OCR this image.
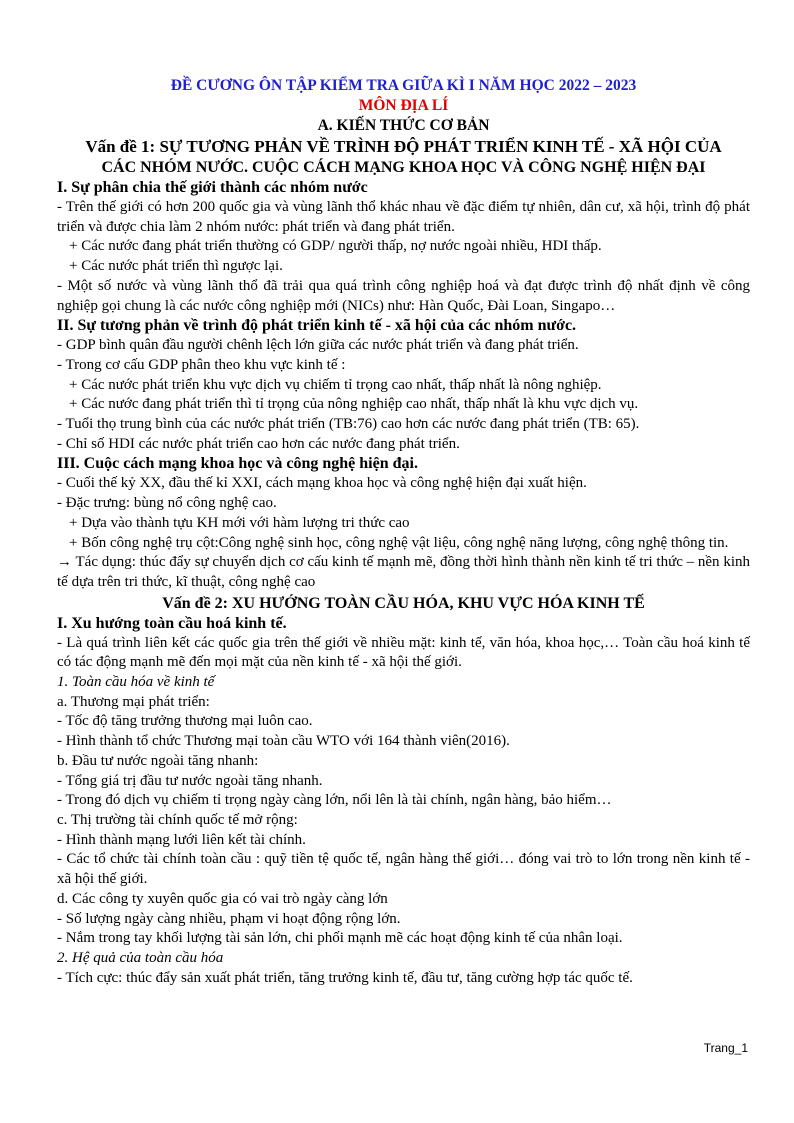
ĐỀ CƯƠNG ÔN TẬP KIỂM TRA GIỮA KÌ I NĂM HỌC 2022 – 2023

MÔN ĐỊA LÍ

A. KIẾN THỨC CƠ BẢN

Vấn đề 1: SỰ TƯƠNG PHẢN VỀ TRÌNH ĐỘ PHÁT TRIỂN KINH TẾ - XÃ HỘI CỦA

CÁC NHÓM NƯỚC. CUỘC CÁCH MẠNG KHOA HỌC VÀ CÔNG NGHỆ HIỆN ĐẠI

I. Sự phân chia thế giới thành các nhóm nước

- Trên thế giới có hơn 200 quốc gia và vùng lãnh thổ khác nhau về đặc điểm tự nhiên, dân cư, xã hội, trình độ phát triển và được chia làm 2 nhóm nước: phát triển và đang phát triển.

+ Các nước đang phát triển thường có GDP/ người thấp, nợ nước ngoài nhiều, HDI thấp.

+ Các nước phát triển thì ngược lại.

- Một số nước và vùng lãnh thổ đã trải qua quá trình công nghiệp hoá và đạt được trình độ nhất định về công nghiệp gọi chung là các nước công nghiệp mới (NICs) như: Hàn Quốc, Đài Loan, Singapo…

II. Sự tương phản về trình độ phát triển kinh tế - xã hội của các nhóm nước.

- GDP bình quân đầu người chênh lệch lớn giữa các nước phát triển và đang phát triển.

- Trong cơ cấu GDP phân theo khu vực kinh tế :

+ Các nước phát triển khu vực dịch vụ chiếm tỉ trọng cao nhất, thấp nhất là nông nghiệp.

+ Các nước đang phát triển thì tỉ trọng của nông nghiệp cao nhất, thấp nhất là khu vực dịch vụ.

- Tuổi thọ trung bình của các nước phát triển (TB:76) cao hơn các nước đang phát triển (TB: 65).

- Chỉ số HDI các nước phát triển cao hơn các nước đang phát triển.

III. Cuộc cách mạng khoa học và công nghệ hiện đại.

- Cuối thế kỷ XX, đầu thế kỉ XXI, cách mạng khoa học và công nghệ hiện đại xuất hiện.

- Đặc trưng: bùng nổ công nghệ cao.

+ Dựa vào thành tựu KH mới với hàm lượng tri thức cao

+ Bốn công nghệ trụ cột:Công nghệ sinh học, công nghệ vật liệu, công nghệ năng lượng, công nghệ thông tin.

→ Tác dụng: thúc đẩy sự chuyển dịch cơ cấu kinh tế mạnh mẽ, đồng thời hình thành nền kinh tế tri thức – nền kinh tế dựa trên tri thức, kĩ thuật, công nghệ cao

Vấn đề 2: XU HƯỚNG TOÀN CẦU HÓA, KHU VỰC HÓA KINH TẾ

I. Xu hướng toàn cầu hoá kinh tế.

- Là quá trình liên kết các quốc gia trên thế giới về nhiều mặt: kinh tế, văn hóa, khoa học,… Toàn cầu hoá kinh tế có tác động mạnh mẽ đến mọi mặt của nền kinh tế - xã hội thế giới.

1. Toàn cầu hóa về kinh tế

a. Thương mại phát triển:

- Tốc độ tăng trưởng thương mại luôn cao.

- Hình thành tổ chức Thương mại toàn cầu WTO với 164 thành viên(2016).

b. Đầu tư nước ngoài tăng nhanh:

- Tổng giá trị đầu tư nước ngoài tăng nhanh.

- Trong đó dịch vụ chiếm tỉ trọng ngày càng lớn, nổi lên là tài chính, ngân hàng, bảo hiểm…

c. Thị trường tài chính quốc tế mở rộng:

- Hình thành mạng lưới liên kết tài chính.

- Các tổ chức tài chính toàn cầu : quỹ tiền tệ quốc tế, ngân hàng thế giới… đóng vai trò to lớn trong nền kinh tế - xã hội thế giới.

d. Các công ty xuyên quốc gia có vai trò ngày càng lớn

- Số lượng ngày càng nhiều, phạm vi hoạt động rộng lớn.

- Nắm trong tay khối lượng tài sản lớn, chi phối mạnh mẽ các hoạt động kinh tế của nhân loại.

2. Hệ quả của toàn cầu hóa

- Tích cực: thúc đẩy sản xuất phát triển, tăng trưởng kinh tế, đầu tư, tăng cường hợp tác quốc tế.

Trang_1
